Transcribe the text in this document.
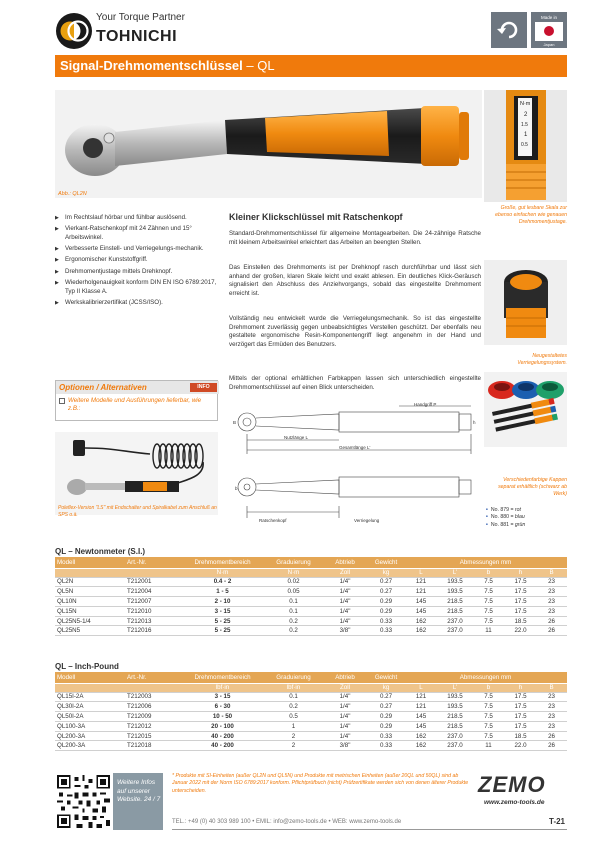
Your Torque Partner
TOHNICHI
Made in
Japan
Signal-Drehmomentschlüssel – QL
Abb.: QL2N
N·m
2
1.5
1
0.5
Große, gut lesbare Skala zur ebenso einfachen wie genauen Drehmomentjustage.
Neugestaltetes Verriegelungssystem.
Verschiedenfarbige Kappen separat erhältlich (schwarz ab Werk)
• No. 879 = rot
• No. 880 = blau
• No. 881 = grün
▶ Im Rechtslauf hörbar und fühlbar auslösend.
▶ Vierkant-Ratschenkopf mit 24 Zähnen und 15° Arbeitswinkel.
▶ Verbesserte Einstell- und Verriegelungs-mechanik.
▶ Ergonomischer Kunststoffgriff.
▶ Drehmomentjustage mittels Drehknopf.
▶ Wiederholgenauigkeit konform DIN EN ISO 6789:2017, Typ II Klasse A.
▶ Werkskalibrierzertifikat (JCSS/ISO).
Optionen / Alternativen	INFO
Weitere Modelle und Ausführungen lieferbar, wie z.B.:
Poleflex-Version "LS" mit Endschalter und Spiralkabel zum Anschluß an SPS o.ä.
Kleiner Klickschlüssel mit Ratschenkopf

Standard-Drehmomentschlüssel für allgemeine Montagearbeiten. Die 24-zähnige Ratsche mit kleinem Arbeitswinkel erleichtert das Arbeiten an beengten Stellen.

Das Einstellen des Drehmoments ist per Drehknopf rasch durchführbar und lässt sich anhand der großen, klaren Skale leicht und exakt ablesen. Ein deutliches Klick-Geräusch signalisiert den Abschluss des Anziehvorgangs, sobald das eingestellte Drehmoment erreicht ist.

Vollständig neu entwickelt wurde die Verriegelungsmechanik. So ist das eingestellte Drehmoment zuverlässig gegen unbeabsichtigtes Verstellen geschützt. Der ebenfalls neu gestaltete ergonomische Resin-Komponentengriff liegt angenehm in der Hand und verzögert das Ermüden des Benutzers.

Mittels der optional erhältlichen Farbkappen lassen sich unterschiedlich eingestellte Drehmomentschlüssel auf einen Blick unterscheiden.

Handgriff P
Nutzlänge L
Gesamtlänge L'
h
B
b
Ratschenkopf	Verriegelung
QL – Newtonmeter (S.I.)
Modell	Art.-Nr.	Drehmomentbereich	Graduierung	Abtrieb	Gewicht	Abmessungen mm				
		N·m	N·m	Zoll	kg	L	L'	b	h	B
QL2N	T212001	0.4 - 2	0.02	1/4"	0.27	121	193.5	7.5	17.5	23
QL5N	T212004	1 - 5	0.05	1/4"	0.27	121	193.5	7.5	17.5	23
QL10N	T212007	2 - 10	0.1	1/4"	0.29	145	218.5	7.5	17.5	23
QL15N	T212010	3 - 15	0.1	1/4"	0.29	145	218.5	7.5	17.5	23
QL25N5-1/4	T212013	5 - 25	0.2	1/4"	0.33	162	237.0	7.5	18.5	26
QL25N5	T212016	5 - 25	0.2	3/8"	0.33	162	237.0	11	22.0	26
QL – Inch-Pound
Modell	Art.-Nr.	Drehmomentbereich	Graduierung	Abtrieb	Gewicht	Abmessungen mm				
		lbf·in	lbf·in	Zoll	kg	L	L'	b	h	B
QL15I-2A	T212003	3 - 15	0.1	1/4"	0.27	121	193.5	7.5	17.5	23
QL30I-2A	T212006	6 - 30	0.2	1/4"	0.27	121	193.5	7.5	17.5	23
QL50I-2A	T212009	10 - 50	0.5	1/4"	0.29	145	218.5	7.5	17.5	23
QL100-3A	T212012	20 - 100	1	1/4"	0.29	145	218.5	7.5	17.5	23
QL200-3A	T212015	40 - 200	2	1/4"	0.33	162	237.0	7.5	18.5	26
QL200-3A	T212018	40 - 200	2	3/8"	0.33	162	237.0	11	22.0	26
Weitere Infos auf unserer Website. 24 / 7
* Produkte mit SI-Einheiten (außer QL2N und QL5N) und Produkte mit metrischen Einheiten (außer 20QL und 50QL) sind ab Januar 2022 mit der Norm ISO 6789:2017 konform. Pflichtprüfbuch (nicht) Prüfzertifikate werden sich von denen älterer Produkte unterscheiden.	ZEMO
www.zemo-tools.de
TEL.: +49 (0) 40 303 989 100 • EMIL: info@zemo-tools.de • WEB: www.zemo-tools.de	T-21
